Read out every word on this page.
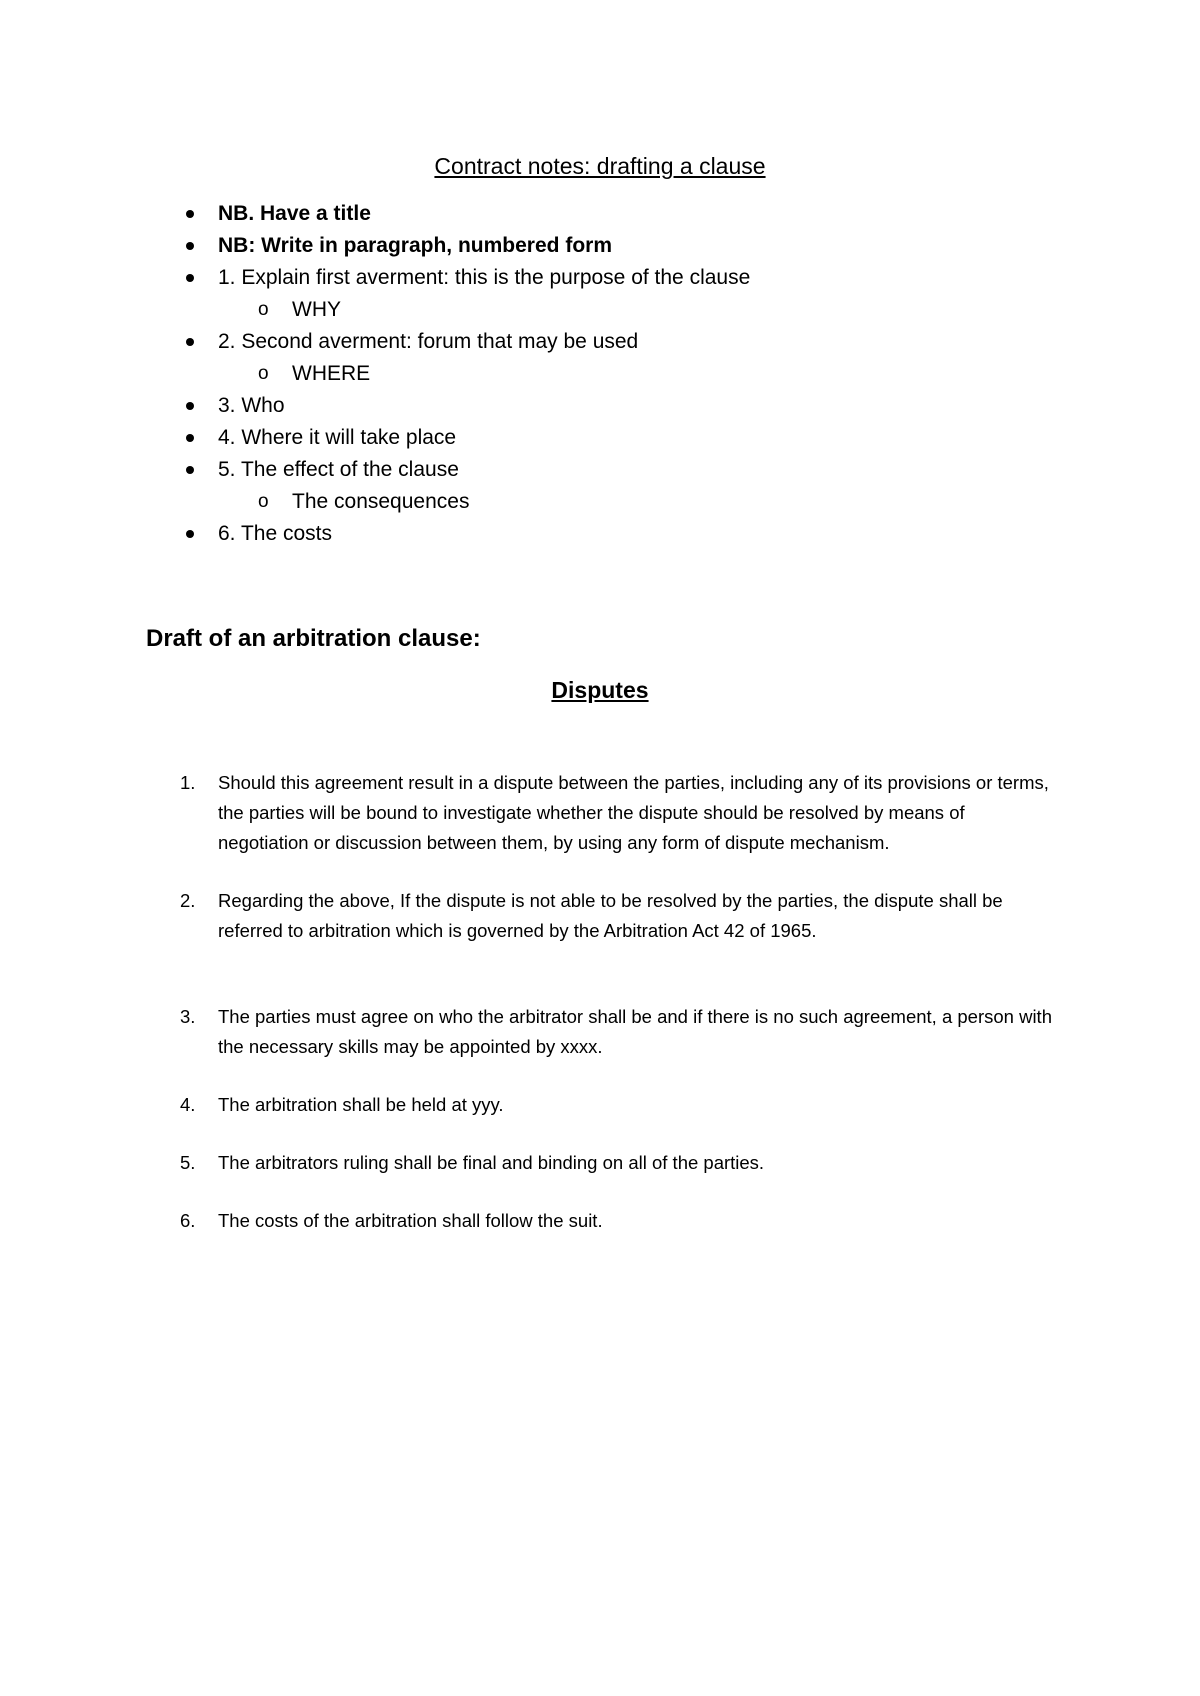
Contract notes: drafting a clause
NB. Have a title
NB: Write in paragraph, numbered form
1. Explain first averment: this is the purpose of the clause
o WHY
2. Second averment: forum that may be used
o WHERE
3. Who
4. Where it will take place
5. The effect of the clause
o The consequences
6. The costs
Draft of an arbitration clause:
Disputes
1. Should this agreement result in a dispute between the parties, including any of its provisions or terms, the parties will be bound to investigate whether the dispute should be resolved by means of negotiation or discussion between them, by using any form of dispute mechanism.
2. Regarding the above, If the dispute is not able to be resolved by the parties, the dispute shall be referred to arbitration which is governed by the Arbitration Act 42 of 1965.
3. The parties must agree on who the arbitrator shall be and if there is no such agreement, a person with the necessary skills may be appointed by xxxx.
4. The arbitration shall be held at yyy.
5. The arbitrators ruling shall be final and binding on all of the parties.
6. The costs of the arbitration shall follow the suit.
